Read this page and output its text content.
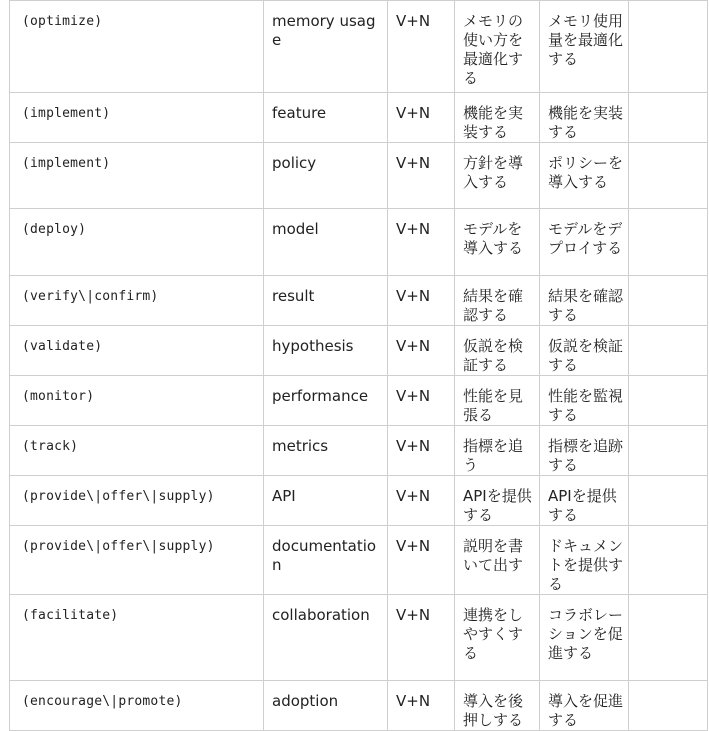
(optimize)	memory usage	V+N	メモリの使い方を最適化する	メモリ使用量を最適化する	
(implement)	feature	V+N	機能を実装する	機能を実装する	
(implement)	policy	V+N	方針を導入する	ポリシーを導入する	
(deploy)	model	V+N	モデルを導入する	モデルをデプロイする	
(verify\|confirm)	result	V+N	結果を確認する	結果を確認する	
(validate)	hypothesis	V+N	仮説を検証する	仮説を検証する	
(monitor)	performance	V+N	性能を見張る	性能を監視する	
(track)	metrics	V+N	指標を追う	指標を追跡する	
(provide\|offer\|supply)	API	V+N	APIを提供する	APIを提供する	
(provide\|offer\|supply)	documentation	V+N	説明を書いて出す	ドキュメントを提供する	
(facilitate)	collaboration	V+N	連携をしやすくする	コラボレーションを促進する	
(encourage\|promote)	adoption	V+N	導入を後押しする	導入を促進する	
